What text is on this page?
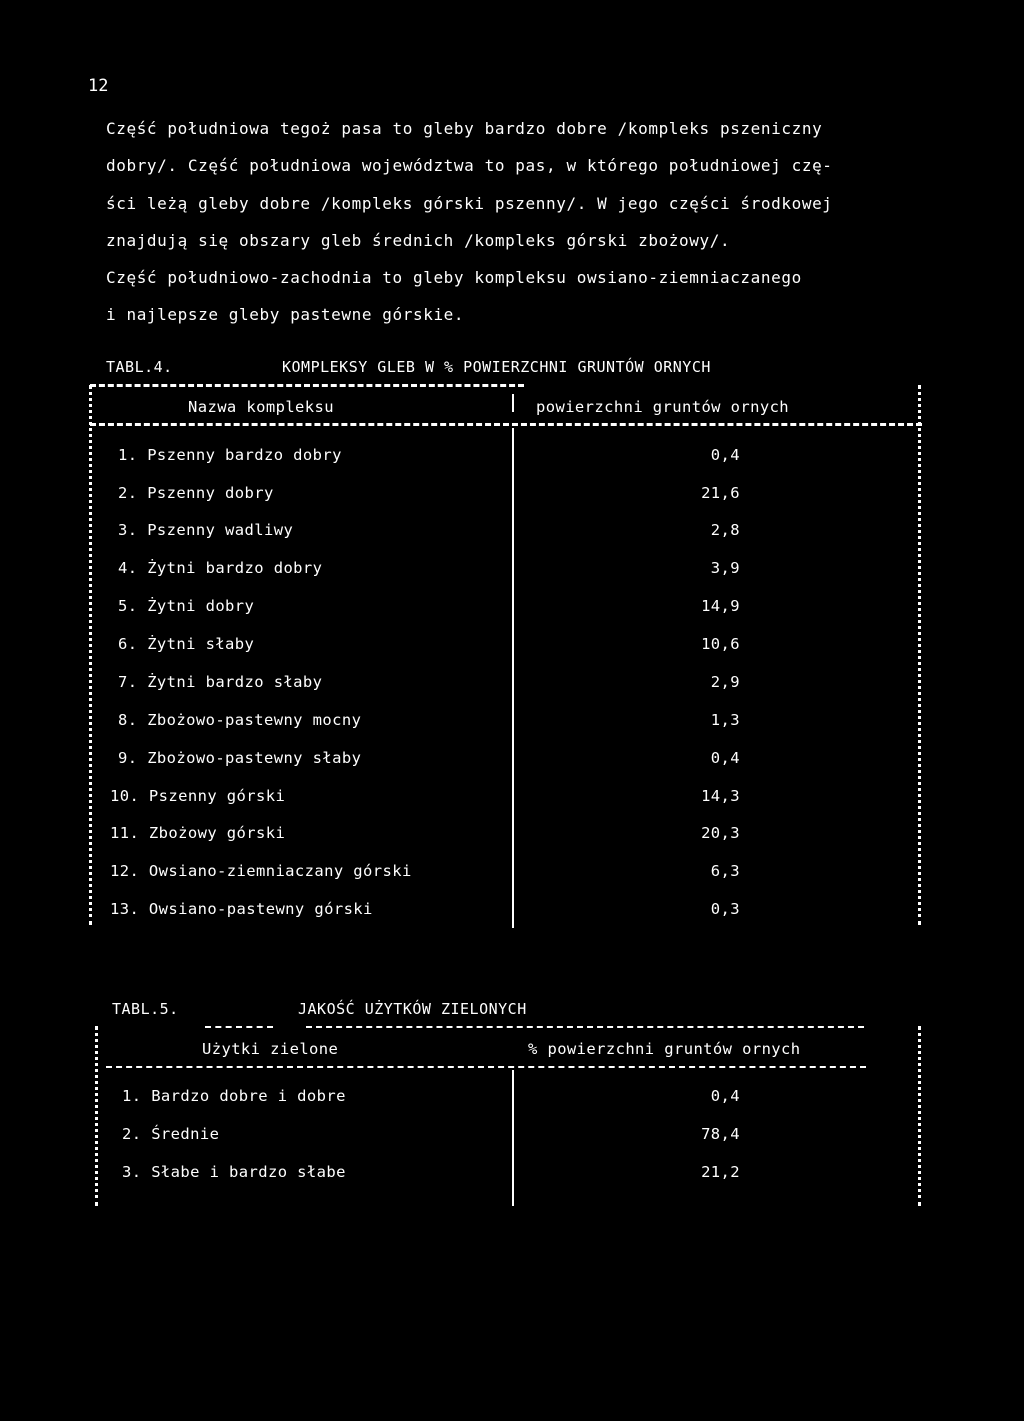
12
Część południowa tegoż pasa to gleby bardzo dobre /kompleks pszeniczny
dobry/. Część południowa województwa to pas, w którego południowej czę-
ści leżą gleby dobre /kompleks górski pszenny/. W jego części środkowej
znajdują się obszary gleb średnich /kompleks górski zbożowy/.
Część południowo-zachodnia to gleby kompleksu owsiano-ziemniaczanego
i najlepsze gleby pastewne górskie.
TABL.4.	KOMPLEKSY GLEB W % POWIERZCHNI GRUNTÓW ORNYCH
Nazwa kompleksu	powierzchni gruntów ornych
1. Pszenny bardzo dobry	0,4
2. Pszenny dobry	21,6
3. Pszenny wadliwy	2,8
4. Żytni bardzo dobry	3,9
5. Żytni dobry	14,9
6. Żytni słaby	10,6
7. Żytni bardzo słaby	2,9
8. Zbożowo-pastewny mocny	1,3
9. Zbożowo-pastewny słaby	0,4
10. Pszenny górski	14,3
11. Zbożowy górski	20,3
12. Owsiano-ziemniaczany górski	6,3
13. Owsiano-pastewny górski	0,3
TABL.5.	JAKOŚĆ UŻYTKÓW ZIELONYCH
Użytki zielone	% powierzchni gruntów ornych
1. Bardzo dobre i dobre	0,4
2. Średnie	78,4
3. Słabe i bardzo słabe	21,2
